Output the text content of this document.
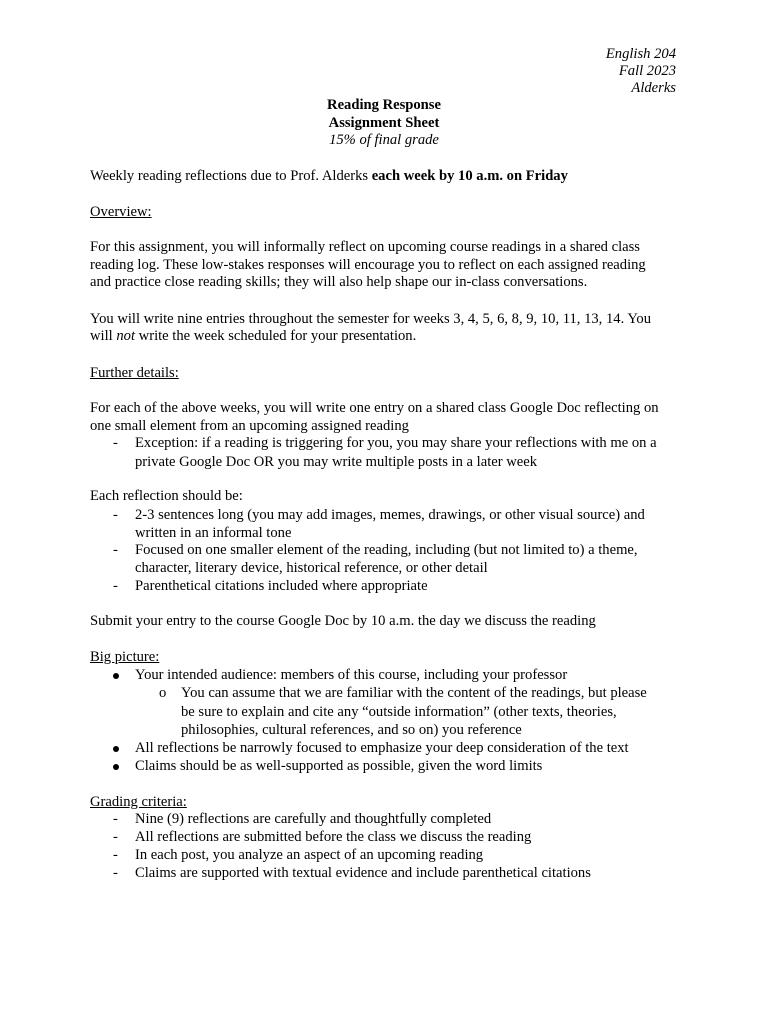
English 204
Fall 2023
Alderks
Reading Response
Assignment Sheet
15% of final grade
Weekly reading reflections due to Prof. Alderks each week by 10 a.m. on Friday
Overview:
For this assignment, you will informally reflect on upcoming course readings in a shared class
reading log. These low-stakes responses will encourage you to reflect on each assigned reading
and practice close reading skills; they will also help shape our in-class conversations.
You will write nine entries throughout the semester for weeks 3, 4, 5, 6, 8, 9, 10, 11, 13, 14. You
will not write the week scheduled for your presentation.
Further details:
For each of the above weeks, you will write one entry on a shared class Google Doc reflecting on
one small element from an upcoming assigned reading
- Exception: if a reading is triggering for you, you may share your reflections with me on a
private Google Doc OR you may write multiple posts in a later week
Each reflection should be:
- 2-3 sentences long (you may add images, memes, drawings, or other visual source) and
written in an informal tone
- Focused on one smaller element of the reading, including (but not limited to) a theme,
character, literary device, historical reference, or other detail
- Parenthetical citations included where appropriate
Submit your entry to the course Google Doc by 10 a.m. the day we discuss the reading
Big picture:
Your intended audience: members of this course, including your professor
o You can assume that we are familiar with the content of the readings, but please
be sure to explain and cite any “outside information” (other texts, theories,
philosophies, cultural references, and so on) you reference
All reflections be narrowly focused to emphasize your deep consideration of the text
Claims should be as well-supported as possible, given the word limits
Grading criteria:
- Nine (9) reflections are carefully and thoughtfully completed
- All reflections are submitted before the class we discuss the reading
- In each post, you analyze an aspect of an upcoming reading
- Claims are supported with textual evidence and include parenthetical citations
